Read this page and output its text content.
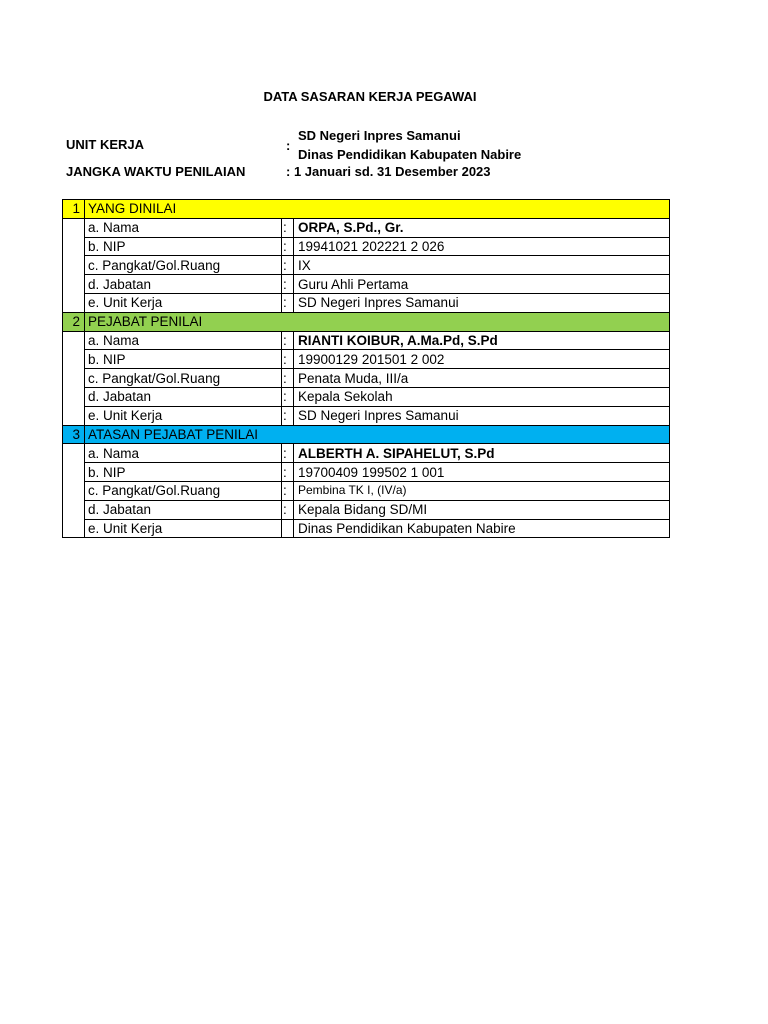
DATA SASARAN KERJA PEGAWAI
UNIT KERJA	:
SD Negeri Inpres Samanui
Dinas Pendidikan Kabupaten Nabire
JANGKA WAKTU PENILAIAN	: 1 Januari sd. 31 Desember 2023
1	YANG DINILAI		
	a. Nama	:	ORPA, S.Pd., Gr.
	b. NIP	:	19941021 202221 2 026
	c. Pangkat/Gol.Ruang	:	IX
	d. Jabatan	:	Guru Ahli Pertama
	e. Unit Kerja	:	SD Negeri Inpres Samanui
2	PEJABAT PENILAI		
	a. Nama	:	RIANTI KOIBUR, A.Ma.Pd, S.Pd
	b. NIP	:	19900129 201501 2 002
	c. Pangkat/Gol.Ruang	:	Penata Muda, III/a
	d. Jabatan	:	Kepala Sekolah
	e. Unit Kerja	:	SD Negeri Inpres Samanui
3	ATASAN PEJABAT PENILAI		
	a. Nama	:	ALBERTH A. SIPAHELUT, S.Pd
	b. NIP	:	19700409 199502 1 001
	c. Pangkat/Gol.Ruang	:	Pembina TK I, (IV/a)
	d. Jabatan	:	Kepala Bidang SD/MI
	e. Unit Kerja		Dinas Pendidikan Kabupaten Nabire
